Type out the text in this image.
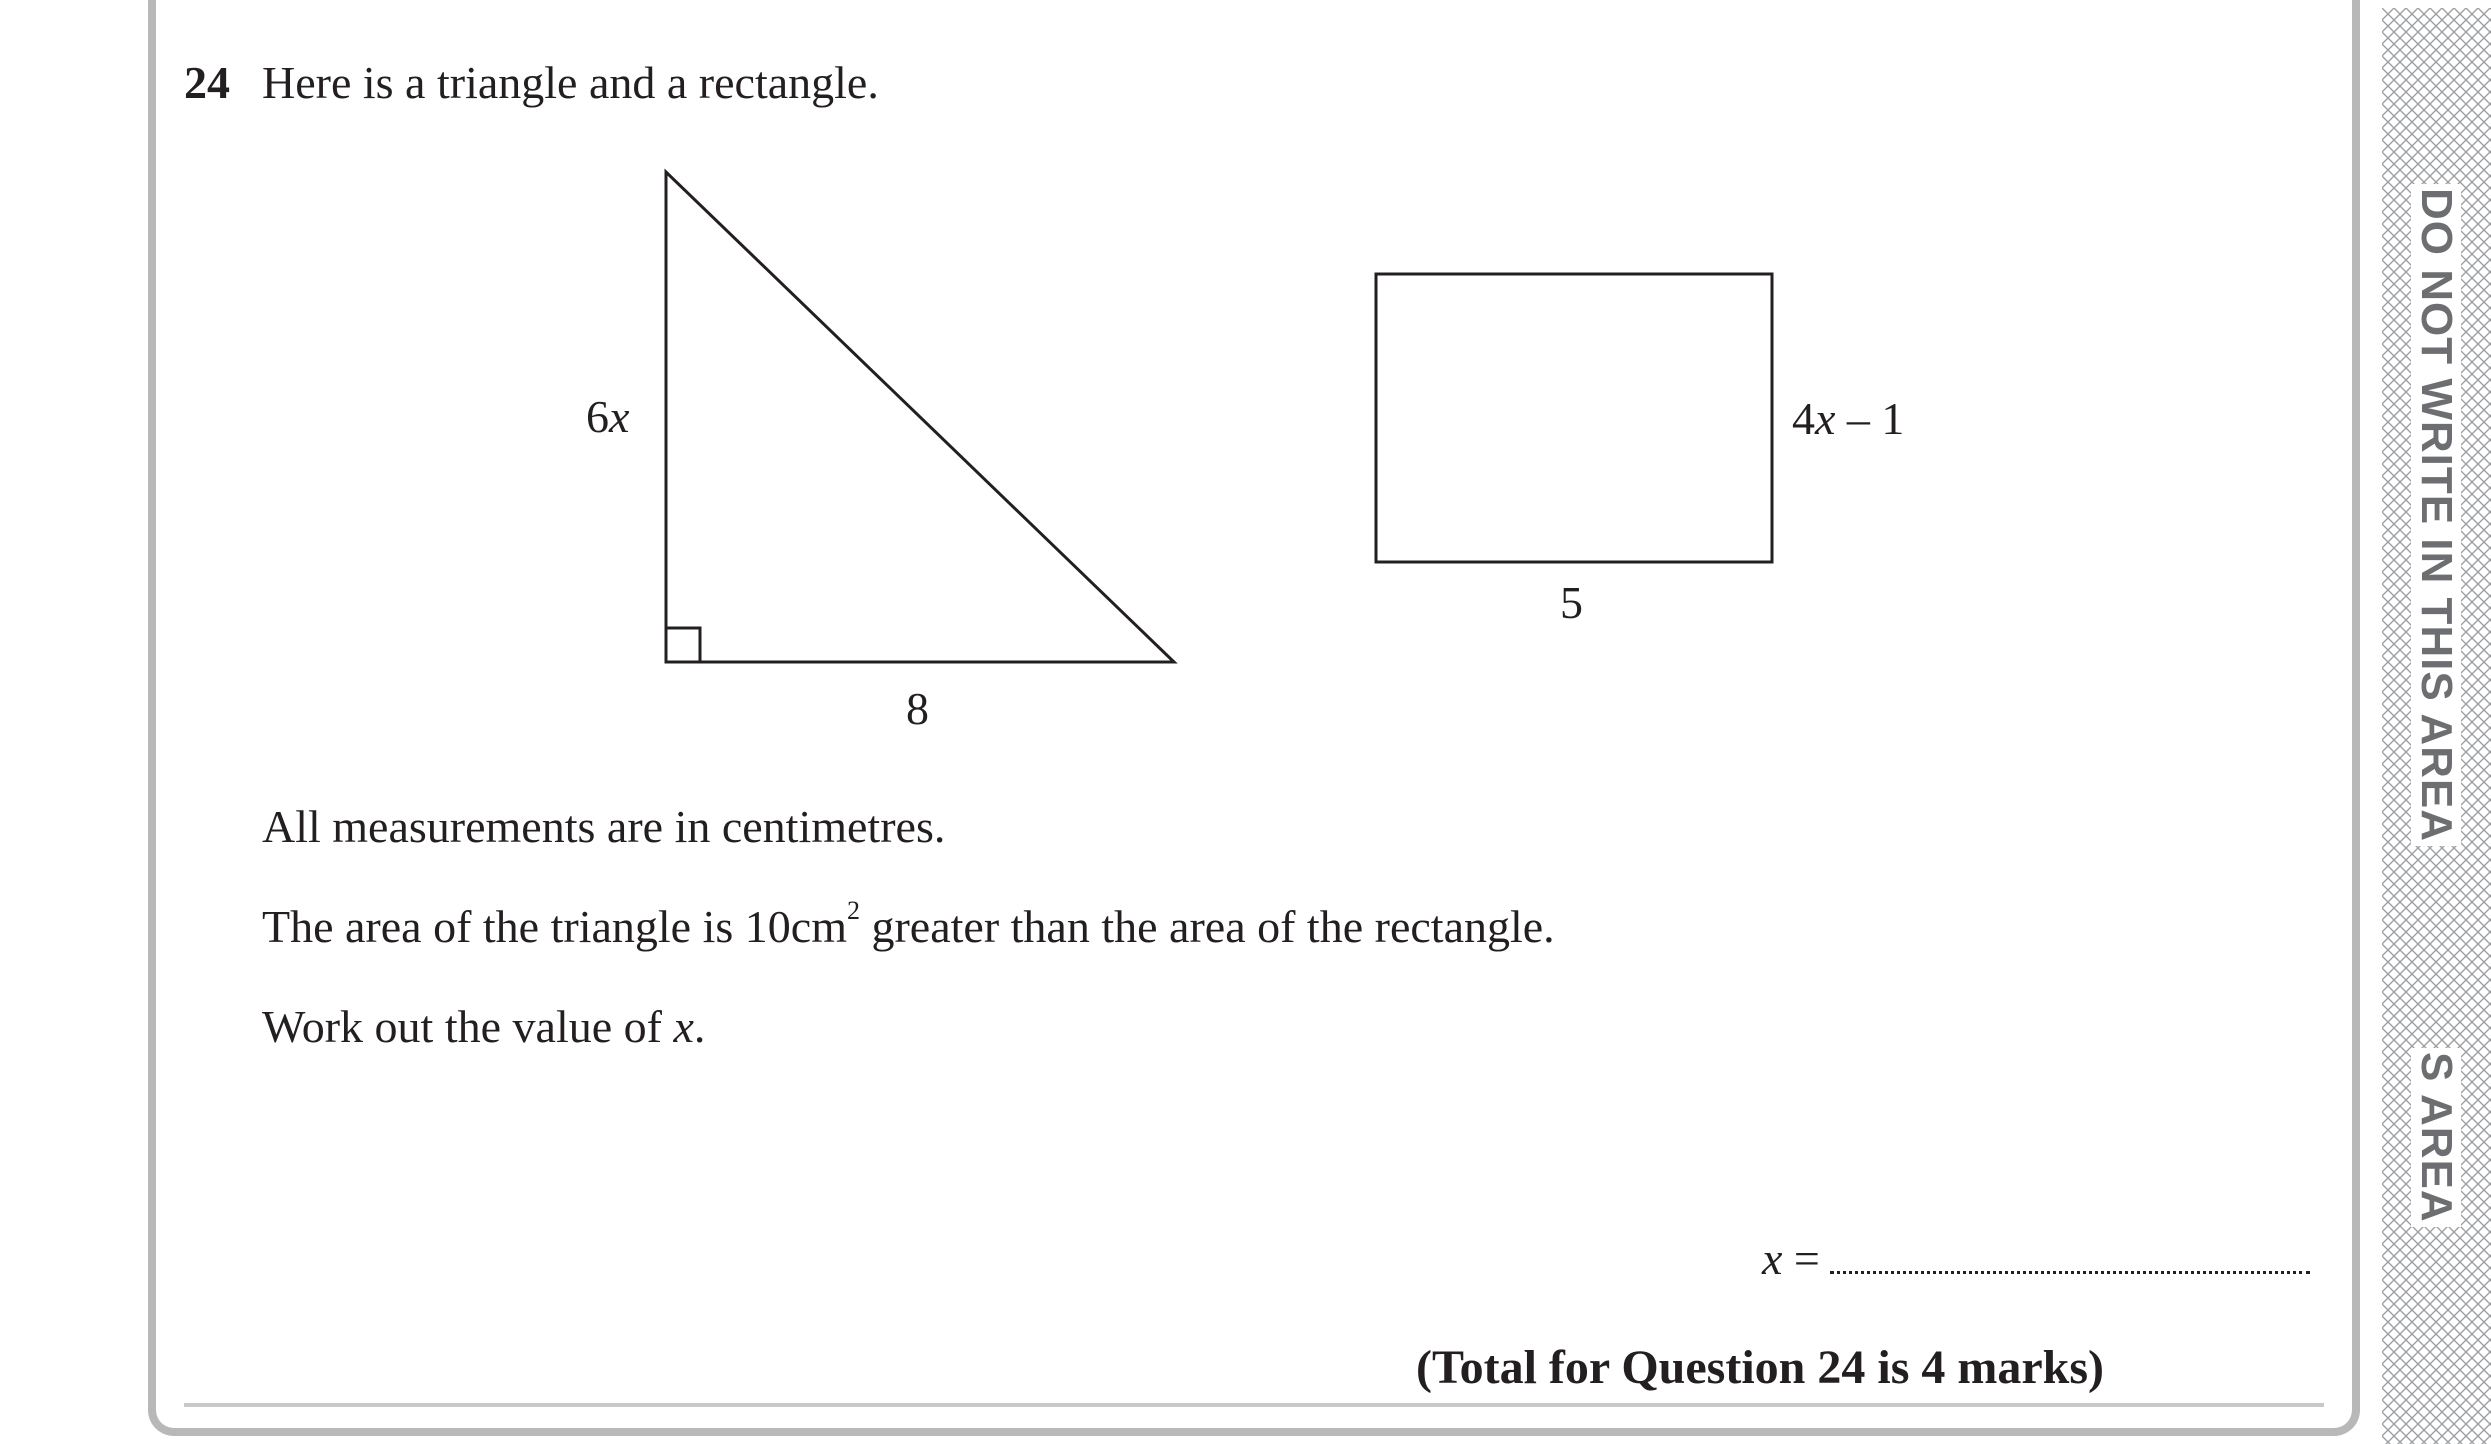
DO NOT WRITE IN THIS AREA
S AREA
24 Here is a triangle and a rectangle.
6x
8
4x – 1
5
All measurements are in centimetres.
The area of the triangle is $10cm^2$ greater than the area of the rectangle.
Work out the value of x.
x =
(Total for Question 24 is 4 marks)
